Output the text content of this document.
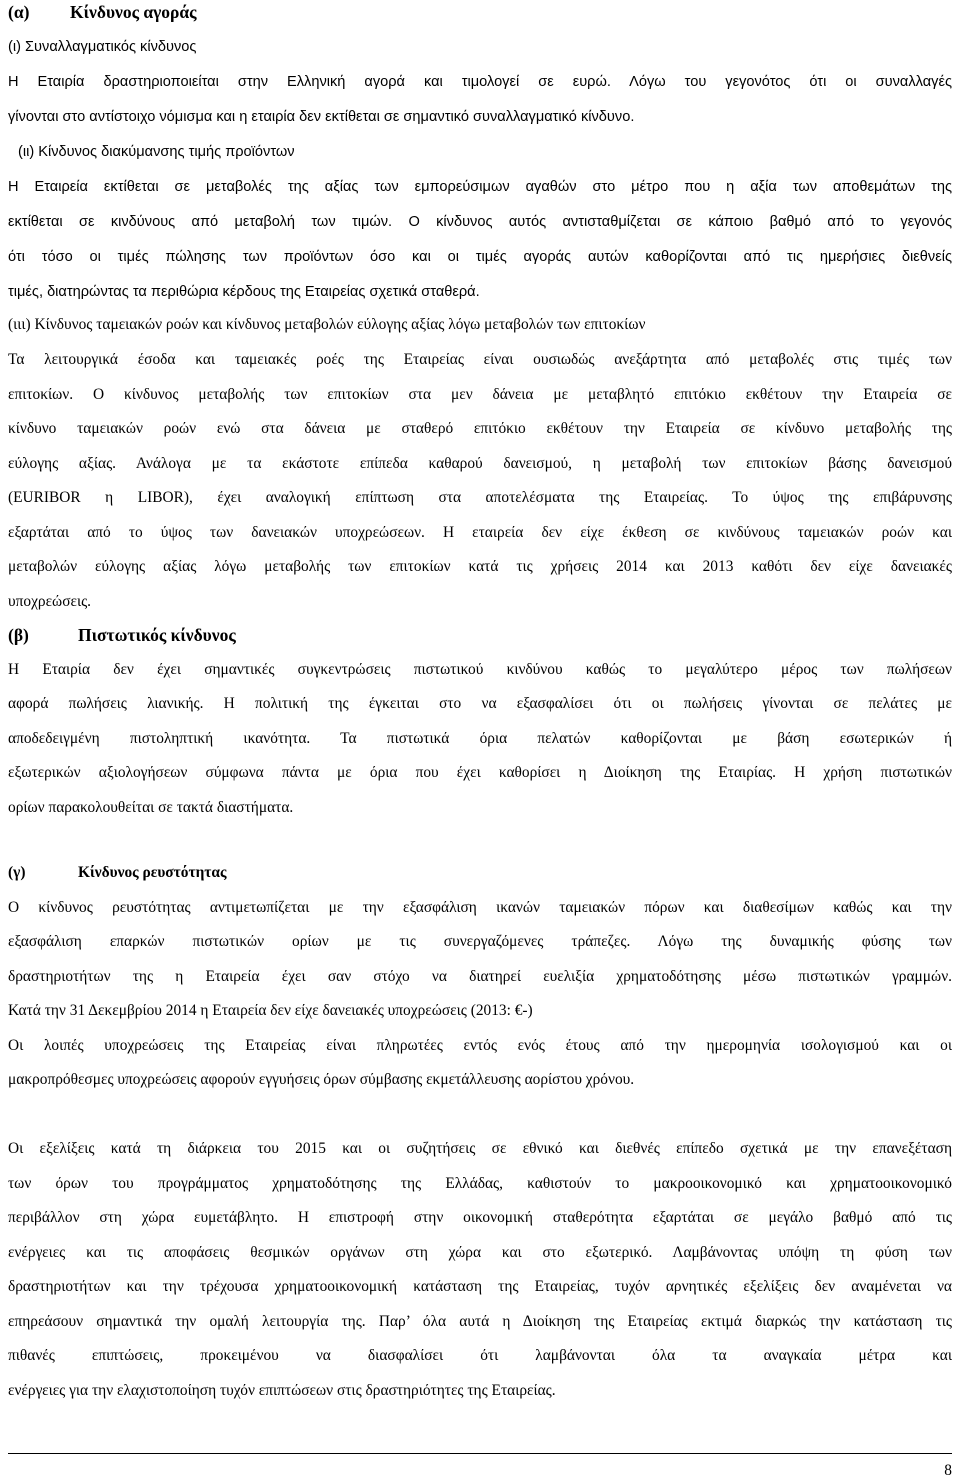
(α) Κίνδυνος αγοράς
(ι) Συναλλαγματικός κίνδυνος
Η Εταιρία δραστηριοποιείται στην Ελληνική αγορά και τιμολογεί σε ευρώ. Λόγω του γεγονότος ότι οι συναλλαγές
γίνονται στο αντίστοιχο νόμισμα και η εταιρία δεν εκτίθεται σε σημαντικό συναλλαγματικό κίνδυνο.
(ιι) Κίνδυνος διακύμανσης τιμής προϊόντων
Η Εταιρεία εκτίθεται σε μεταβολές της αξίας των εμπορεύσιμων αγαθών στο μέτρο που η αξία των αποθεμάτων της
εκτίθεται σε κινδύνους από μεταβολή των τιμών. Ο κίνδυνος αυτός αντισταθμίζεται σε κάποιο βαθμό από το γεγονός
ότι τόσο οι τιμές πώλησης των προϊόντων όσο και οι τιμές αγοράς αυτών καθορίζονται από τις ημερήσιες διεθνείς
τιμές, διατηρώντας τα περιθώρια κέρδους της Εταιρείας σχετικά σταθερά.
(ιιι) Κίνδυνος ταμειακών ροών και κίνδυνος μεταβολών εύλογης αξίας λόγω μεταβολών των επιτοκίων
Τα λειτουργικά έσοδα και ταμειακές ροές της Εταιρείας είναι ουσιωδώς ανεξάρτητα από μεταβολές στις τιμές των
επιτοκίων. Ο κίνδυνος μεταβολής των επιτοκίων στα μεν δάνεια με μεταβλητό επιτόκιο εκθέτουν την Εταιρεία σε
κίνδυνο ταμειακών ροών ενώ στα δάνεια με σταθερό επιτόκιο εκθέτουν την Εταιρεία σε κίνδυνο μεταβολής της
εύλογης αξίας. Ανάλογα με τα εκάστοτε επίπεδα καθαρού δανεισμού, η μεταβολή των επιτοκίων βάσης δανεισμού
(EURIBOR η LIBOR), έχει αναλογική επίπτωση στα αποτελέσματα της Εταιρείας. Το ύψος της επιβάρυνσης
εξαρτάται από το ύψος των δανειακών υποχρεώσεων. Η εταιρεία δεν είχε έκθεση σε κινδύνους ταμειακών ροών και
μεταβολών εύλογης αξίας λόγω μεταβολής των επιτοκίων κατά τις χρήσεις 2014 και 2013 καθότι δεν είχε δανειακές
υποχρεώσεις.
(β)	Πιστωτικός κίνδυνος
Η Εταιρία δεν έχει σημαντικές συγκεντρώσεις πιστωτικού κινδύνου καθώς το μεγαλύτερο μέρος των πωλήσεων
αφορά πωλήσεις λιανικής. Η πολιτική της έγκειται στο να εξασφαλίσει ότι οι πωλήσεις γίνονται σε πελάτες με
αποδεδειγμένη πιστοληπτική ικανότητα. Τα πιστωτικά όρια πελατών καθορίζονται με βάση εσωτερικών ή
εξωτερικών αξιολογήσεων σύμφωνα πάντα με όρια που έχει καθορίσει η Διοίκηση της Εταιρίας. Η χρήση πιστωτικών
ορίων παρακολουθείται σε τακτά διαστήματα.
(γ)	Κίνδυνος ρευστότητας
Ο κίνδυνος ρευστότητας αντιμετωπίζεται με την εξασφάλιση ικανών ταμειακών πόρων και διαθεσίμων καθώς και την
εξασφάλιση επαρκών πιστωτικών ορίων με τις συνεργαζόμενες τράπεζες. Λόγω της δυναμικής φύσης των
δραστηριοτήτων της η Εταιρεία έχει σαν στόχο να διατηρεί ευελιξία χρηματοδότησης μέσω πιστωτικών γραμμών.
Κατά την 31 Δεκεμβρίου 2014 η Εταιρεία δεν είχε δανειακές υποχρεώσεις (2013: €-)
Οι λοιπές υποχρεώσεις της Εταιρείας είναι πληρωτέες εντός ενός έτους από την ημερομηνία ισολογισμού και οι
μακροπρόθεσμες υποχρεώσεις αφορούν εγγυήσεις όρων σύμβασης εκμετάλλευσης αορίστου χρόνου.
Οι εξελίξεις κατά τη διάρκεια του 2015 και οι συζητήσεις σε εθνικό και διεθνές επίπεδο σχετικά με την επανεξέταση
των όρων του προγράμματος χρηματοδότησης της Ελλάδας, καθιστούν το μακροοικονομικό και χρηματοοικονομικό
περιβάλλον στη χώρα ευμετάβλητο. Η επιστροφή στην οικονομική σταθερότητα εξαρτάται σε μεγάλο βαθμό από τις
ενέργειες και τις αποφάσεις θεσμικών οργάνων στη χώρα και στο εξωτερικό. Λαμβάνοντας υπόψη τη φύση των
δραστηριοτήτων και την τρέχουσα χρηματοοικονομική κατάσταση της Εταιρείας, τυχόν αρνητικές εξελίξεις δεν αναμένεται να
επηρεάσουν σημαντικά την ομαλή λειτουργία της. Παρ’ όλα αυτά η Διοίκηση της Εταιρείας εκτιμά διαρκώς την κατάσταση τις
πιθανές επιπτώσεις, προκειμένου να διασφαλίσει ότι λαμβάνονται όλα τα αναγκαία μέτρα και
ενέργειες για την ελαχιστοποίηση τυχόν επιπτώσεων στις δραστηριότητες της Εταιρείας.
8
